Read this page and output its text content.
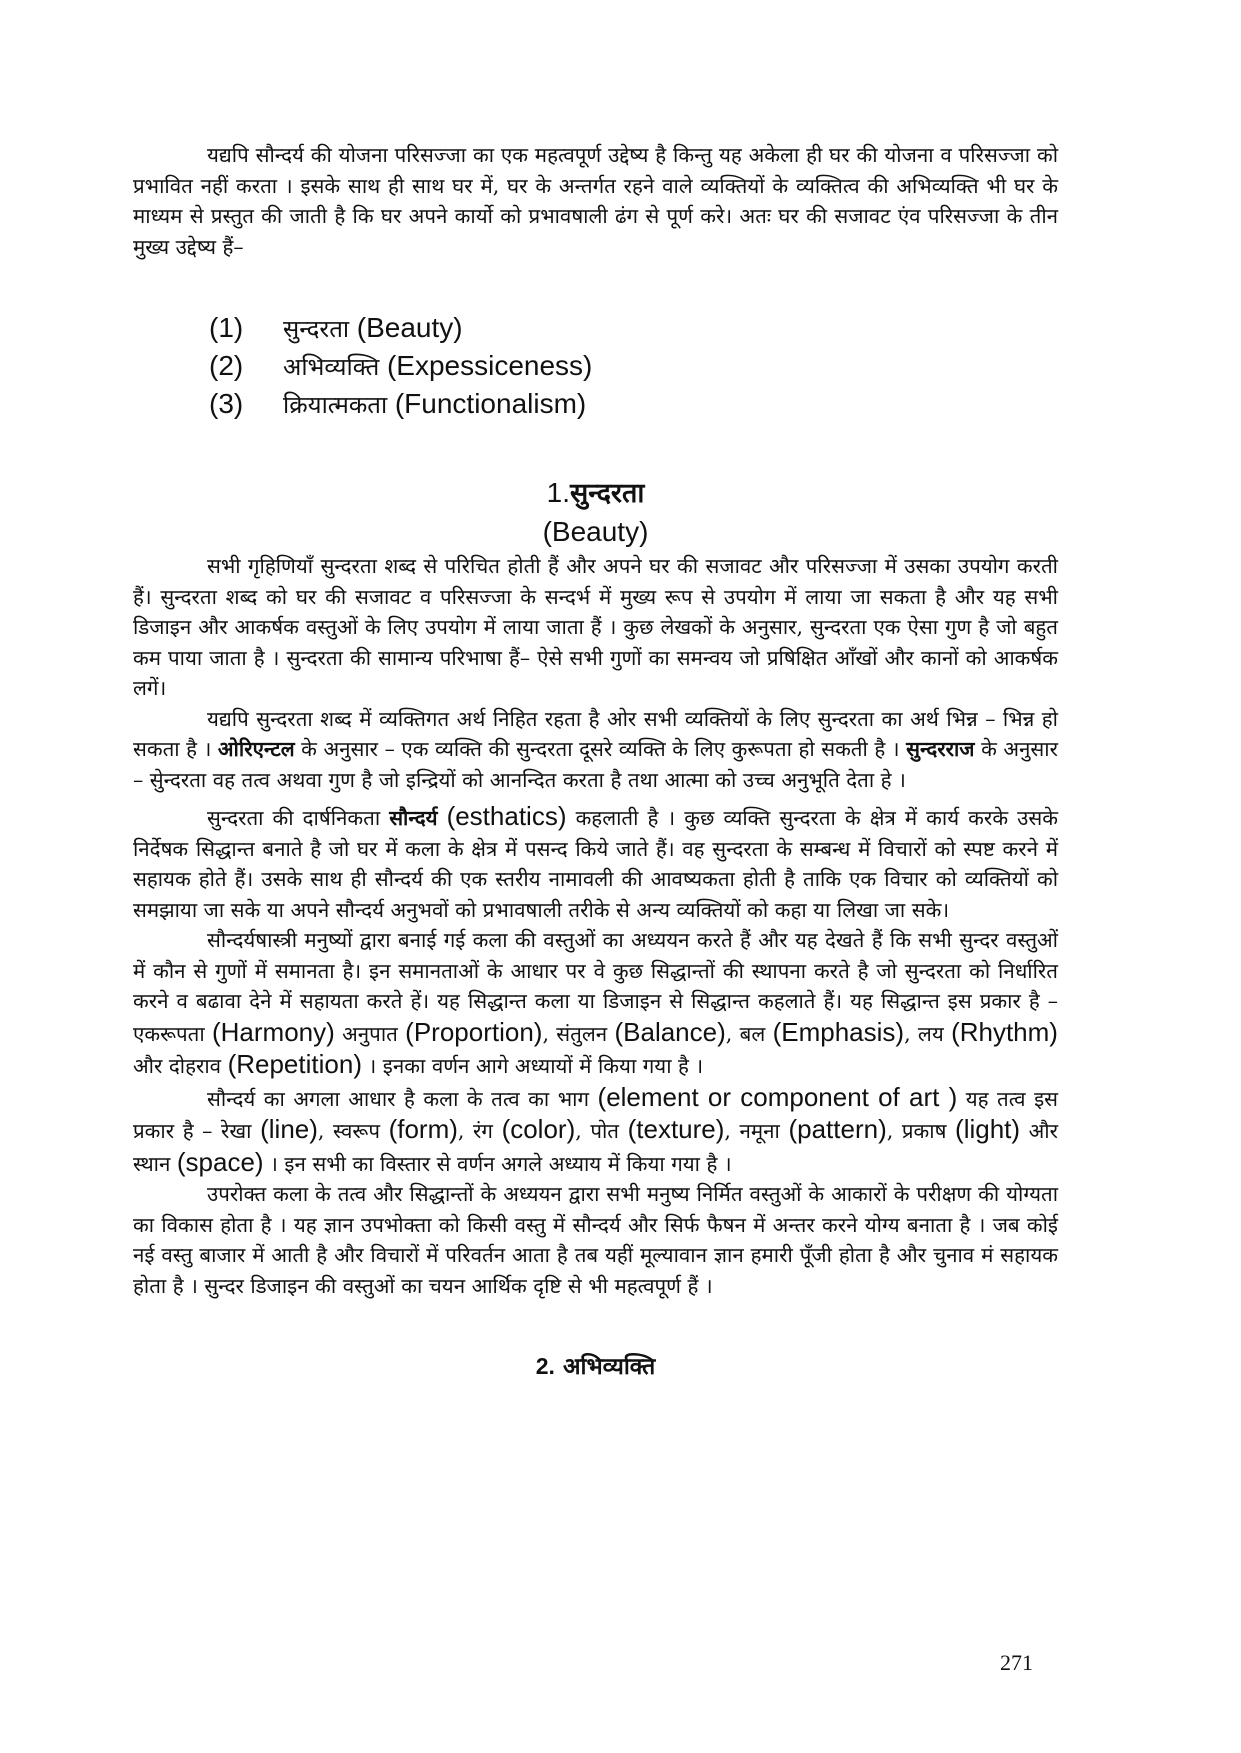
यद्यपि सौन्दर्य की योजना परिसज्जा का एक महत्वपूर्ण उद्देष्य है किन्तु यह अकेला ही घर की योजना व परिसज्जा को प्रभावित नहीं करता । इसके साथ ही साथ घर में, घर के अन्तर्गत रहने वाले व्यक्तियों के व्यक्तित्व की अभिव्यक्ति भी घर के माध्यम से प्रस्तुत की जाती है कि घर अपने कार्यो को प्रभावषाली ढंग से पूर्ण करे। अतः घर की सजावट एंव परिसज्जा के तीन मुख्य उद्देष्य हैं–

(1)	सुन्दरता
(Beauty)
(2)	अभिव्यक्ति
(Expessiceness)
(3)	क्रियात्मकता
(Functionalism)
1.सुन्दरता
(Beauty)

सभी गृहिणियाँ सुन्दरता शब्द से परिचित होती हैं और अपने घर की सजावट और परिसज्जा में उसका उपयोग करती हैं। सुन्दरता शब्द को घर की सजावट व परिसज्जा के सन्दर्भ में मुख्य रूप से उपयोग में लाया जा सकता है और यह सभी डिजाइन और आकर्षक वस्तुओं के लिए उपयोग में लाया जाता हैं । कुछ लेखकों के अनुसार, सुन्दरता एक ऐसा गुण है जो बहुत कम पाया जाता है । सुन्दरता की सामान्य परिभाषा हैं– ऐसे सभी गुणों का समन्वय जो प्रषिक्षित आँखों और कानों को आकर्षक लगें।

यद्यपि सुन्दरता शब्द में व्यक्तिगत अर्थ निहित रहता है ओर सभी व्यक्तियों के लिए सुन्दरता का अर्थ भिन्न – भिन्न हो सकता है । ओरिएन्टल के अनुसार – एक व्यक्ति की सुन्दरता दूसरे व्यक्ति के लिए कुरूपता हो सकती है । सुन्दरराज के अनुसार – सेुन्दरता वह तत्व अथवा गुण है जो इन्द्रियों को आनन्दित करता है तथा आत्मा को उच्च अनुभूति देता हे ।

सुन्दरता की दार्षनिकता सौन्दर्य (esthatics) कहलाती है । कुछ व्यक्ति सुन्दरता के क्षेत्र में कार्य करके उसके निर्देषक सिद्धान्त बनाते है जो घर में कला के क्षेत्र में पसन्द किये जाते हैं। वह सुन्दरता के सम्बन्ध में विचारों को स्पष्ट करने में सहायक होते हैं। उसके साथ ही सौन्दर्य की एक स्तरीय नामावली की आवष्यकता होती है ताकि एक विचार को व्यक्तियों को समझाया जा सके या अपने सौन्दर्य अनुभवों को प्रभावषाली तरीके से अन्य व्यक्तियों को कहा या लिखा जा सके।

सौन्दर्यषास्त्री मनुष्यों द्वारा बनाई गई कला की वस्तुओं का अध्ययन करते हैं और यह देखते हैं कि सभी सुन्दर वस्तुओं में कौन से गुणों में समानता है। इन समानताओं के आधार पर वे कुछ सिद्धान्तों की स्थापना करते है जो सुन्दरता को निर्धारित करने व बढावा देने में सहायता करते हें। यह सिद्धान्त कला या डिजाइन से सिद्धान्त कहलाते हैं। यह सिद्धान्त इस प्रकार है – एकरूपता (Harmony) अनुपात (Proportion), संतुलन (Balance), बल (Emphasis), लय (Rhythm) और दोहराव (Repetition) । इनका वर्णन आगे अध्यायों में किया गया है ।

सौन्दर्य का अगला आधार है कला के तत्व का भाग (element or component of art ) यह तत्व इस प्रकार है – रेखा (line), स्वरूप (form), रंग (color), पोत (texture), नमूना (pattern), प्रकाष (light) और स्थान (space) । इन सभी का विस्तार से वर्णन अगले अध्याय में किया गया है ।

उपरोक्त कला के तत्व और सिद्धान्तों के अध्ययन द्वारा सभी मनुष्य निर्मित वस्तुओं के आकारों के परीक्षण की योग्यता का विकास होता है । यह ज्ञान उपभोक्ता को किसी वस्तु में सौन्दर्य और सिर्फ फैषन में अन्तर करने योग्य बनाता है । जब कोई नई वस्तु बाजार में आती है और विचारों में परिवर्तन आता है तब यहीं मूल्यावान ज्ञान हमारी पूँजी होता है और चुनाव मं सहायक होता है । सुन्दर डिजाइन की वस्तुओं का चयन आर्थिक दृष्टि से भी महत्वपूर्ण हैं ।

2. अभिव्यक्ति
271
